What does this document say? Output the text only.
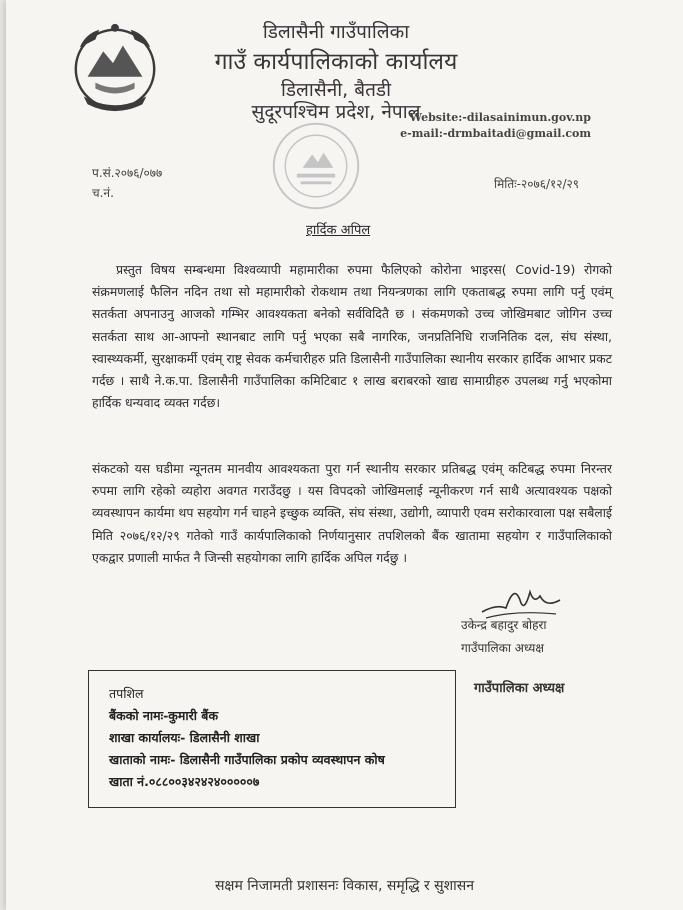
डिलासैनी गाउँपालिका
गाउँ कार्यपालिकाको कार्यालय
डिलासैनी, बैतडी
सुदूरपश्चिम प्रदेश, नेपाल
Website:-dilasainimun.gov.np
e-mail:-drmbaitadi@gmail.com
प.सं.२०७६/०७७
च.नं.
मितिः-२०७६/१२/२९
हार्दिक अपिल
प्रस्तुत विषय सम्बन्धमा विश्वव्यापी महामारीका रुपमा फैलिएको कोरोना भाइरस( Covid-19) रोगको संक्रमणलाई फैलिन नदिन तथा सो महामारीको रोकथाम तथा नियन्त्रणका लागि एकताबद्ध रुपमा लागि पर्नु एवंम् सतर्कता अपनाउनु आजको गम्भिर आवश्यकता बनेको सर्वविदितै छ । संकमणको उच्च जोखिमबाट जोगिन उच्च सतर्कता साथ आ-आफ्नो स्थानबाट लागि पर्नु भएका सबै नागरिक, जनप्रतिनिधि राजनितिक दल, संघ संस्था, स्वास्थ्यकर्मी, सुरक्षाकर्मी एवंम् राष्ट्र सेवक कर्मचारीहरु प्रति डिलासैनी गाउँपालिका स्थानीय सरकार हार्दिक आभार प्रकट गर्दछ । साथै ने.क.पा. डिलासैनी गाउँपालिका कमिटिबाट १ लाख बराबरको खाद्य सामाग्रीहरु उपलब्ध गर्नु भएकोमा हार्दिक धन्यवाद व्यक्त गर्दछ।
संकटको यस घडीमा न्यूनतम मानवीय आवश्यकता पुरा गर्न स्थानीय सरकार प्रतिबद्ध एवंम् कटिबद्ध रुपमा निरन्तर रुपमा लागि रहेको व्यहोरा अवगत गराउँदछु । यस विपदको जोखिमलाई न्यूनीकरण गर्न साथै अत्यावश्यक पक्षको व्यवस्थापन कार्यमा थप सहयोग गर्न चाहने इच्छुक व्यक्ति, संघ संस्था, उद्योगी, व्यापारी एवम सरोकारवाला पक्ष सबैलाई मिति २०७६/१२/२९ गतेको गाउँ कार्यपालिकाको निर्णयानुसार तपशिलको बैंक खातामा सहयोग र गाउँपालिकाको एकद्वार प्रणाली मार्फत नै जिन्सी सहयोगका लागि हार्दिक अपिल गर्दछु ।
उकेन्द्र बहादुर बोहरा
गाउँपालिका अध्यक्ष
गाउँपालिका अध्यक्ष
तपशिल
बैंकको नामः-कुमारी बैंक
शाखा कार्यालयः- डिलासैनी शाखा
खाताको नामः- डिलासैनी गाउँपालिका प्रकोप व्यवस्थापन कोष
खाता नं.०८८००३४२४२४०००००७
सक्षम निजामती प्रशासनः विकास, समृद्धि र सुशासन
